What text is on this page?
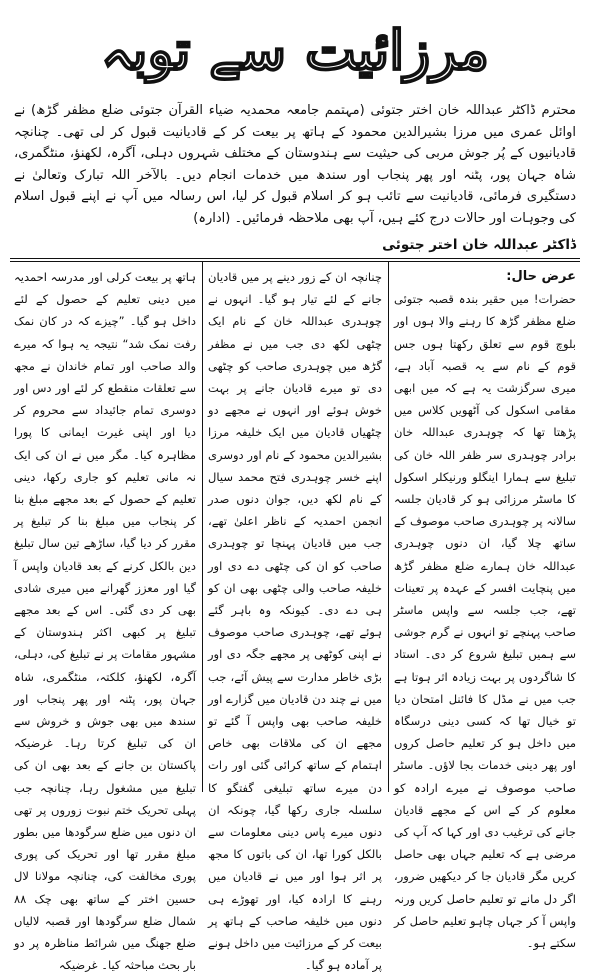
مرزائیت سے توبہ

محترم ڈاکٹر عبداللہ خان اختر جتوئی (مہتمم جامعہ محمدیہ ضیاء القرآن جتوئی ضلع مظفر گڑھ) نے اوائل عمری میں مرزا بشیرالدین محمود کے ہاتھ پر بیعت کر کے قادیانیت قبول کر لی تھی۔ چنانچہ قادیانیوں کے پُر جوش مربی کی حیثیت سے ہندوستان کے مختلف شہروں دہلی، آگرہ، لکھنؤ، منٹگمری، شاہ جہان پور، پٹنہ اور پھر پنجاب اور سندھ میں خدمات انجام دیں۔ بالآخر اللہ تبارک وتعالیٰ نے دستگیری فرمائی، قادیانیت سے تائب ہو کر اسلام قبول کر لیا، اس رسالہ میں آپ نے اپنے قبول اسلام کی وجوہات اور حالات درج کئے ہیں، آپ بھی ملاحظہ فرمائیں۔ (ادارہ)

ڈاکٹر عبداللہ خان اختر جتوئی
عرض حال:
حضرات! میں حقیر بندہ قصبہ جتوئی ضلع مظفر گڑھ کا رہنے والا ہوں اور بلوچ قوم سے تعلق رکھتا ہوں جس قوم کے نام سے یہ قصبہ آباد ہے، میری سرگزشت یہ ہے کہ میں ابھی مقامی اسکول کی آٹھویں کلاس میں پڑھتا تھا کہ چوہدری عبداللہ خان برادر چوہدری سر ظفر اللہ خان کی تبلیغ سے ہمارا اینگلو ورنیکلر اسکول کا ماسٹر مرزائی ہو کر قادیان جلسہ سالانہ پر چوہدری صاحب موصوف کے ساتھ چلا گیا، ان دنوں چوہدری عبداللہ خان ہمارے ضلع مظفر گڑھ میں پنچایت افسر کے عہدہ پر تعینات تھے، جب جلسہ سے واپس ماسٹر صاحب پہنچے تو انہوں نے گرم جوشی سے ہمیں تبلیغ شروع کر دی۔ استاد کا شاگردوں پر بہت زیادہ اثر ہوتا ہے جب میں نے مڈل کا فائنل امتحان دیا تو خیال تھا کہ کسی دینی درسگاہ میں داخل ہو کر تعلیم حاصل کروں اور پھر دینی خدمات بجا لاؤں۔ ماسٹر صاحب موصوف نے میرے ارادہ کو معلوم کر کے اس کے مجھے قادیان جانے کی ترغیب دی اور کہا کہ آپ کی مرضی ہے کہ تعلیم جہاں بھی حاصل کریں مگر قادیان جا کر دیکھیں ضرور، اگر دل مانے تو تعلیم حاصل کریں ورنہ واپس آ کر جہاں چاہو تعلیم حاصل کر سکتے ہو۔
چنانچہ ان کے زور دینے پر میں قادیان جانے کے لئے تیار ہو گیا۔ انہوں نے چوہدری عبداللہ خان کے نام ایک چٹھی لکھ دی جب میں نے مظفر گڑھ میں چوہدری صاحب کو چٹھی دی تو میرے قادیان جانے پر بہت خوش ہوئے اور انہوں نے مجھے دو چٹھیاں قادیان میں ایک خلیفہ مرزا بشیرالدین محمود کے نام اور دوسری اپنے خسر چوہدری فتح محمد سیال کے نام لکھ دیں، جوان دنوں صدر انجمن احمدیہ کے ناظر اعلیٰ تھے، جب میں قادیان پہنچا تو چوہدری صاحب کو ان کی چٹھی دے دی اور خلیفہ صاحب والی چٹھی بھی ان کو ہی دے دی۔ کیونکہ وہ باہر گئے ہوئے تھے، چوہدری صاحب موصوف نے اپنی کوٹھی پر مجھے جگہ دی اور بڑی خاطر مدارت سے پیش آئے، جب میں نے چند دن قادیان میں گزارے اور خلیفہ صاحب بھی واپس آ گئے تو مجھے ان کی ملاقات بھی خاص اہتمام کے ساتھ کرائی گئی اور رات دن میرے ساتھ تبلیغی گفتگو کا سلسلہ جاری رکھا گیا، چونکہ ان دنوں میرے پاس دینی معلومات سے بالکل کورا تھا، ان کی باتوں کا مجھ پر اثر ہوا اور میں نے قادیان میں رہنے کا ارادہ کیا، اور تھوڑے ہی دنوں میں خلیفہ صاحب کے ہاتھ پر بیعت کر کے مرزائیت میں داخل ہونے پر آمادہ ہو گیا۔
ہاتھ پر بیعت کرلی اور مدرسہ احمدیہ میں دینی تعلیم کے حصول کے لئے داخل ہو گیا۔ ”چیزے کہ در کان نمک رفت نمک شد“ نتیجہ یہ ہوا کہ میرے والد صاحب اور تمام خاندان نے مجھ سے تعلقات منقطع کر لئے اور دس اور دوسری تمام جائیداد سے محروم کر دیا اور اپنی غیرت ایمانی کا پورا مظاہرہ کیا۔ مگر میں نے ان کی ایک نہ مانی تعلیم کو جاری رکھا، دینی تعلیم کے حصول کے بعد مجھے مبلغ بنا کر پنجاب میں مبلغ بنا کر تبلیغ پر مقرر کر دیا گیا، ساڑھے تین سال تبلیغ دین بالکل کرنے کے بعد قادیان واپس آ گیا اور معزز گھرانے میں میری شادی بھی کر دی گئی۔ اس کے بعد مجھے تبلیغ پر کبھی اکثر ہندوستان کے مشہور مقامات پر نے تبلیغ کی، دہلی، آگرہ، لکھنؤ، کلکتہ، منٹگمری، شاہ جہان پور، پٹنہ اور پھر پنجاب اور سندھ میں بھی جوش و خروش سے ان کی تبلیغ کرتا رہا۔ غرضیکہ پاکستان بن جانے کے بعد بھی ان کی تبلیغ میں مشغول رہا، چنانچہ جب پہلی تحریک ختم نبوت زوروں پر تھی ان دنوں میں ضلع سرگودھا میں بطور مبلغ مقرر تھا اور تحریک کی پوری پوری مخالفت کی، چنانچہ مولانا لال حسین اختر کے ساتھ بھی چک ۸۸ شمال ضلع سرگودھا اور قصبہ لالیاں ضلع جھنگ میں شرائط مناظرہ پر دو بار بحث مباحثہ کیا۔ غرضیکہ
